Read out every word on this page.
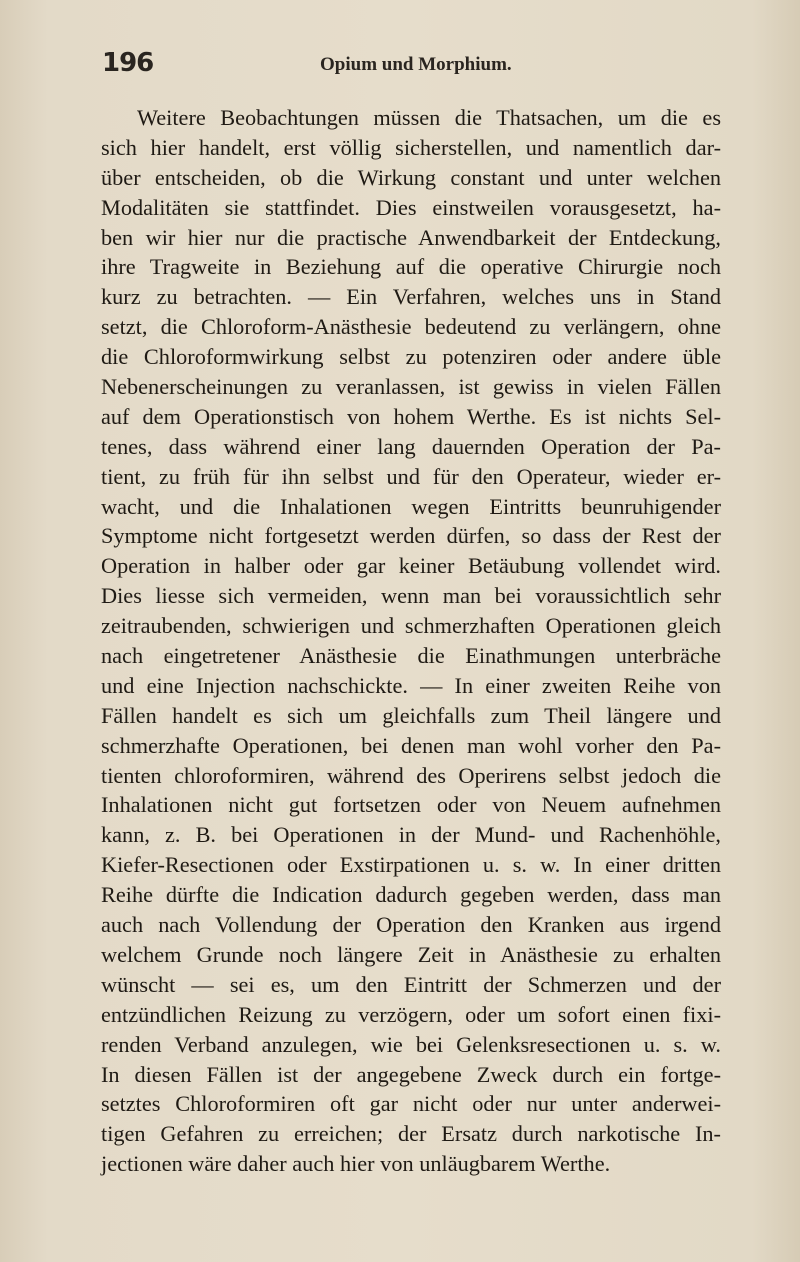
196	Opium und Morphium.
Weitere Beobachtungen müssen die Thatsachen, um die es
sich hier handelt, erst völlig sicherstellen, und namentlich dar-
über entscheiden, ob die Wirkung constant und unter welchen
Modalitäten sie stattfindet. Dies einstweilen vorausgesetzt, ha-
ben wir hier nur die practische Anwendbarkeit der Entdeckung,
ihre Tragweite in Beziehung auf die operative Chirurgie noch
kurz zu betrachten. — Ein Verfahren, welches uns in Stand
setzt, die Chloroform-Anästhesie bedeutend zu verlängern, ohne
die Chloroformwirkung selbst zu potenziren oder andere üble
Nebenerscheinungen zu veranlassen, ist gewiss in vielen Fällen
auf dem Operationstisch von hohem Werthe. Es ist nichts Sel-
tenes, dass während einer lang dauernden Operation der Pa-
tient, zu früh für ihn selbst und für den Operateur, wieder er-
wacht, und die Inhalationen wegen Eintritts beunruhigender
Symptome nicht fortgesetzt werden dürfen, so dass der Rest der
Operation in halber oder gar keiner Betäubung vollendet wird.
Dies liesse sich vermeiden, wenn man bei voraussichtlich sehr
zeitraubenden, schwierigen und schmerzhaften Operationen gleich
nach eingetretener Anästhesie die Einathmungen unterbräche
und eine Injection nachschickte. — In einer zweiten Reihe von
Fällen handelt es sich um gleichfalls zum Theil längere und
schmerzhafte Operationen, bei denen man wohl vorher den Pa-
tienten chloroformiren, während des Operirens selbst jedoch die
Inhalationen nicht gut fortsetzen oder von Neuem aufnehmen
kann, z. B. bei Operationen in der Mund- und Rachenhöhle,
Kiefer-Resectionen oder Exstirpationen u. s. w. In einer dritten
Reihe dürfte die Indication dadurch gegeben werden, dass man
auch nach Vollendung der Operation den Kranken aus irgend
welchem Grunde noch längere Zeit in Anästhesie zu erhalten
wünscht — sei es, um den Eintritt der Schmerzen und der
entzündlichen Reizung zu verzögern, oder um sofort einen fixi-
renden Verband anzulegen, wie bei Gelenksresectionen u. s. w.
In diesen Fällen ist der angegebene Zweck durch ein fortge-
setztes Chloroformiren oft gar nicht oder nur unter anderwei-
tigen Gefahren zu erreichen; der Ersatz durch narkotische In-
jectionen wäre daher auch hier von unläugbarem Werthe.
